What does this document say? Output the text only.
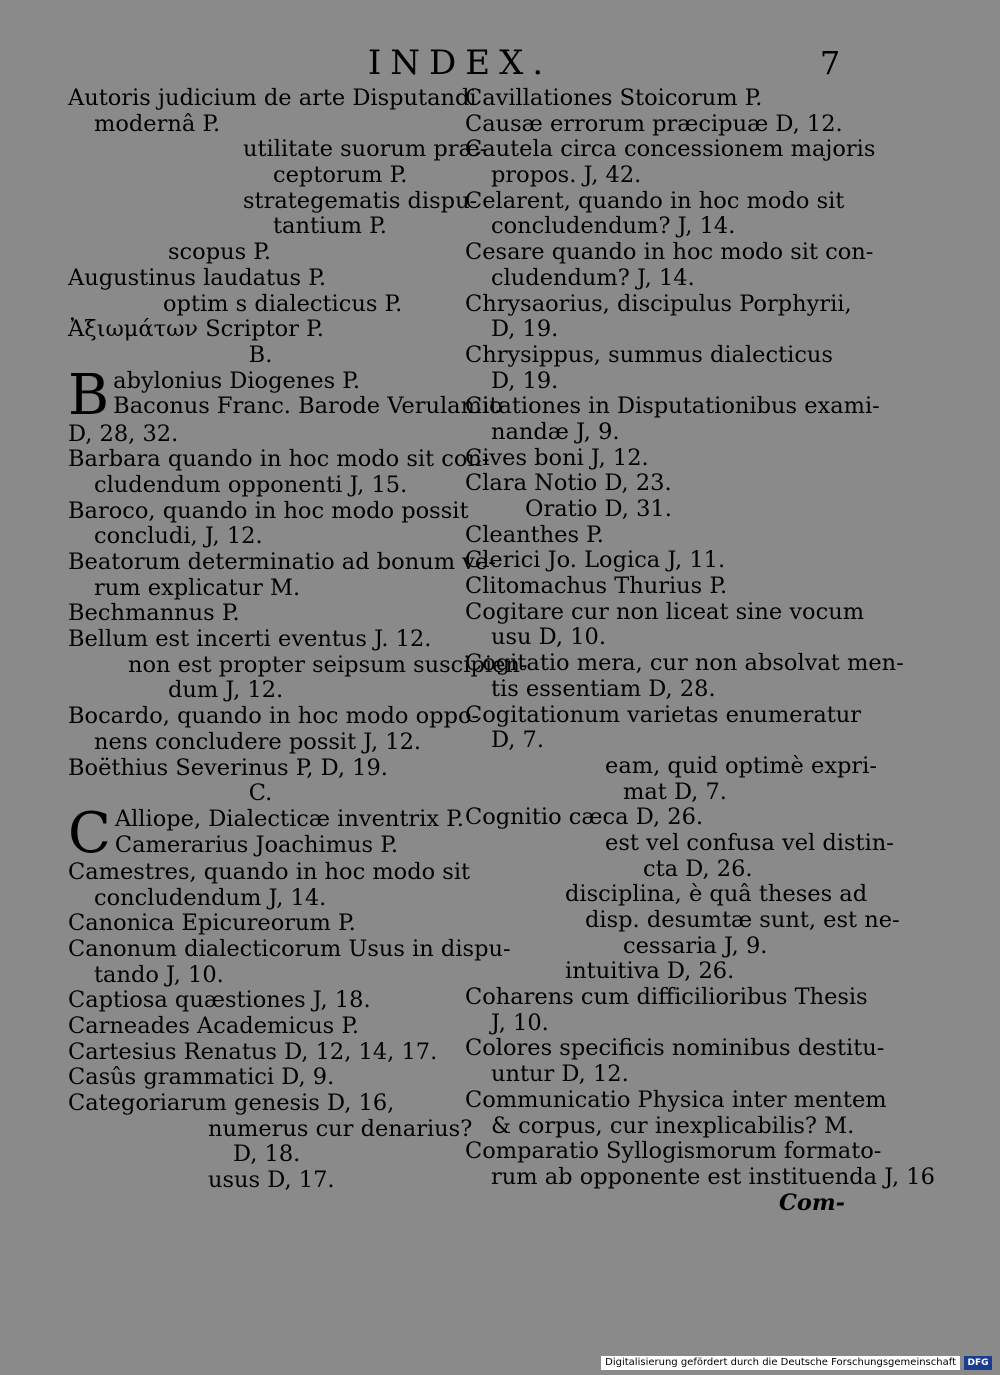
INDEX.	7
Autoris judicium de arte Disputandi
modernâ P.
utilitate suorum præ-
ceptorum P.
strategematis dispu-
tantium P.
scopus P.
Augustinus laudatus P.
optim s dialecticus P.
Ἀξιωμάτων Scriptor P.
B.
B abylonius Diogenes P.
Baconus Franc. Barode Verulamio
D, 28, 32.
Barbara quando in hoc modo sit con-
cludendum opponenti J, 15.
Baroco, quando in hoc modo possit
concludi, J, 12.
Beatorum determinatio ad bonum ve-
rum explicatur M.
Bechmannus P.
Bellum est incerti eventus J. 12.
non est propter seipsum suscipien-
dum J, 12.
Bocardo, quando in hoc modo oppo-
nens concludere possit J, 12.
Boëthius Severinus P, D, 19.
C.
C Alliope, Dialecticæ inventrix P.
Camerarius Joachimus P.
Camestres, quando in hoc modo sit
concludendum J, 14.
Canonica Epicureorum P.
Canonum dialecticorum Usus in dispu-
tando J, 10.
Captiosa quæstiones J, 18.
Carneades Academicus P.
Cartesius Renatus D, 12, 14, 17.
Casûs grammatici D, 9.
Categoriarum genesis D, 16,
numerus cur denarius?
D, 18.
usus D, 17.
Cavillationes Stoicorum P.
Causæ errorum præcipuæ D, 12.
Cautela circa concessionem majoris
propos. J, 42.
Celarent, quando in hoc modo sit
concludendum? J, 14.
Cesare quando in hoc modo sit con-
cludendum? J, 14.
Chrysaorius, discipulus Porphyrii,
D, 19.
Chrysippus, summus dialecticus
D, 19.
Citationes in Disputationibus exami-
nandæ J, 9.
Cives boni J, 12.
Clara Notio D, 23.
Oratio D, 31.
Cleanthes P.
Clerici Jo. Logica J, 11.
Clitomachus Thurius P.
Cogitare cur non liceat sine vocum
usu D, 10.
Cogitatio mera, cur non absolvat men-
tis essentiam D, 28.
Cogitationum varietas enumeratur
D, 7.
eam, quid optimè expri-
mat D, 7.
Cognitio cæca D, 26.
est vel confusa vel distin-
cta D, 26.
disciplina, è quâ theses ad
disp. desumtæ sunt, est ne-
cessaria J, 9.
intuitiva D, 26.
Coharens cum difficilioribus Thesis
J, 10.
Colores specificis nominibus destitu-
untur D, 12.
Communicatio Physica inter mentem
& corpus, cur inexplicabilis? M.
Comparatio Syllogismorum formato-
rum ab opponente est instituenda J, 16
Com-
Digitalisierung gefördert durch die Deutsche Forschungsgemeinschaft	DFG
